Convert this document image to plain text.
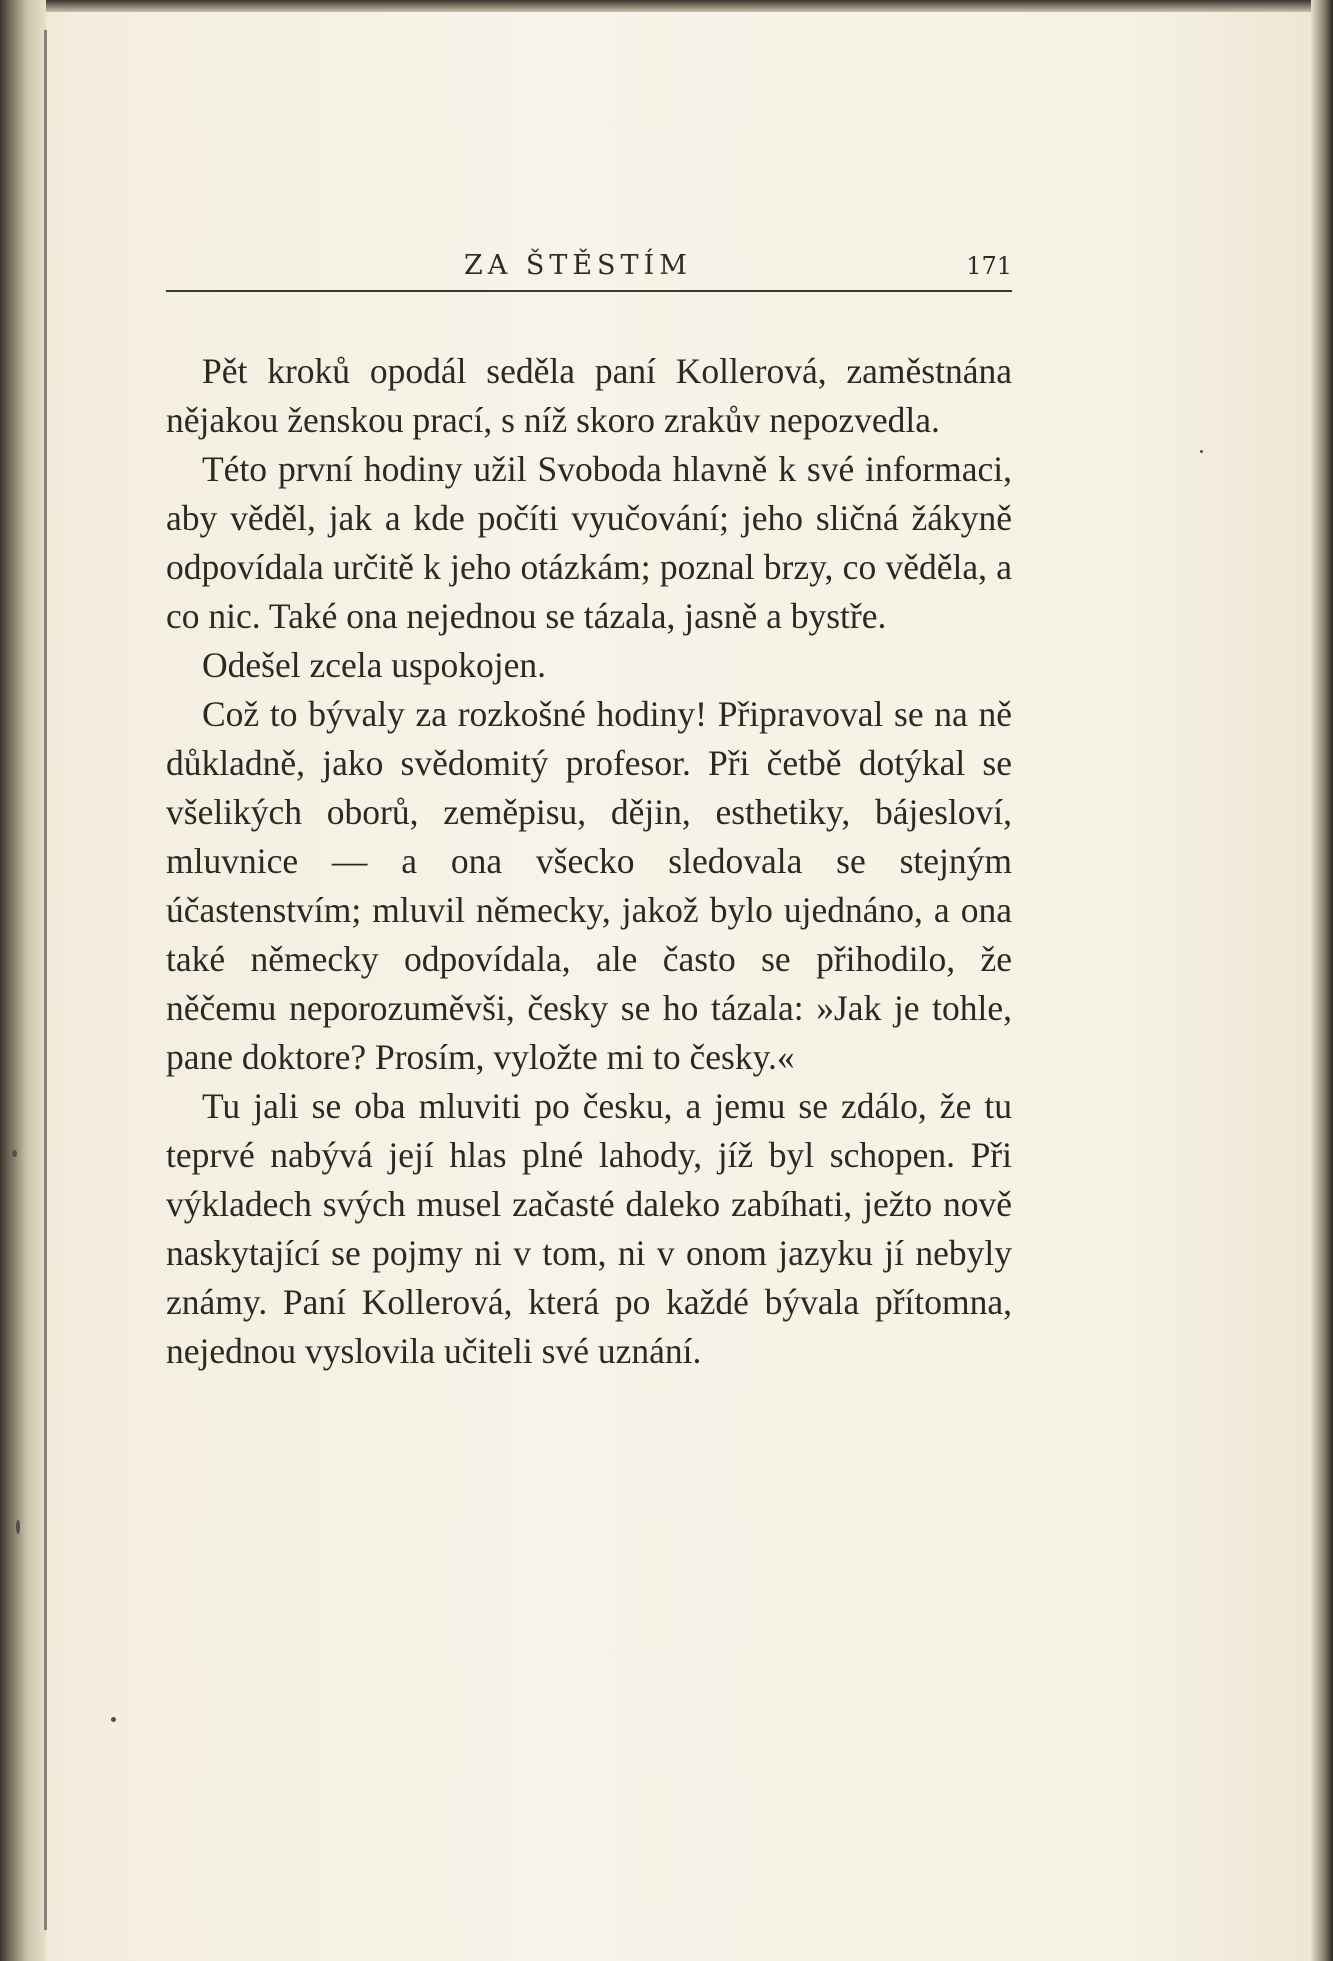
ZA ŠTĚSTÍM	171

Pět kroků opodál seděla paní Kollerová, zaměstnána nějakou ženskou prací, s níž skoro zrakův nepozvedla.

Této první hodiny užil Svoboda hlavně k své informaci, aby věděl, jak a kde počíti vyučování; jeho sličná žákyně odpovídala určitě k jeho otázkám; poznal brzy, co věděla, a co nic. Také ona nejednou se tázala, jasně a bystře.

Odešel zcela uspokojen.

Což to bývaly za rozkošné hodiny! Připravoval se na ně důkladně, jako svědomitý profesor. Při četbě dotýkal se všelikých oborů, zeměpisu, dějin, esthetiky, bájesloví, mluvnice — a ona všecko sledovala se stejným účastenstvím; mluvil německy, jakož bylo ujednáno, a ona také německy odpovídala, ale často se přihodilo, že něčemu neporozuměvši, česky se ho tázala: »Jak je tohle, pane doktore? Prosím, vyložte mi to česky.«

Tu jali se oba mluviti po česku, a jemu se zdálo, že tu teprvé nabývá její hlas plné lahody, jíž byl schopen. Při výkladech svých musel začasté daleko zabíhati, ježto nově naskytající se pojmy ni v tom, ni v onom jazyku jí nebyly známy. Paní Kollerová, která po každé bývala přítomna, nejednou vyslovila učiteli své uznání.
